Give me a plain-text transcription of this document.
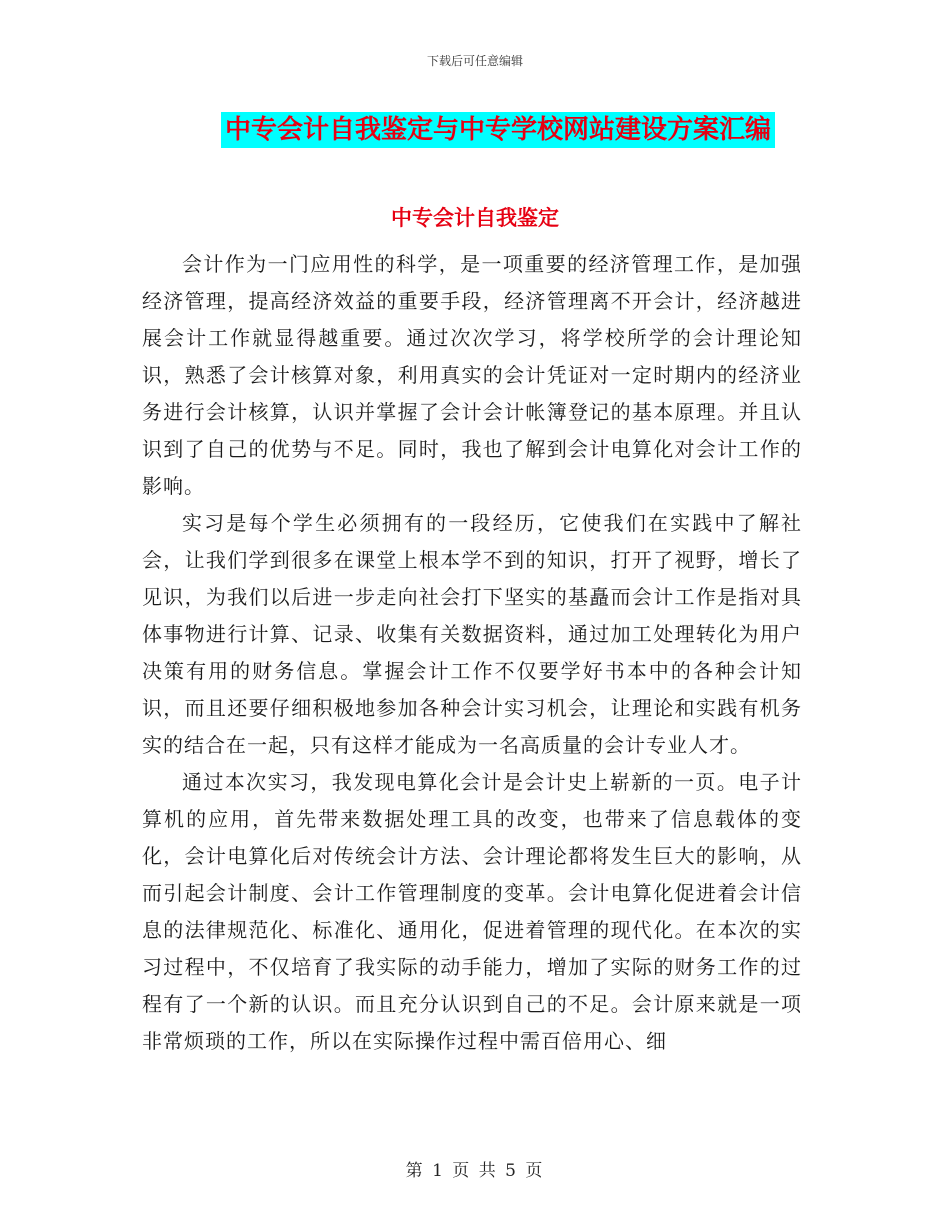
下载后可任意编辑
中专会计自我鉴定与中专学校网站建设方案汇编
中专会计自我鉴定

会计作为一门应用性的科学，是一项重要的经济管理工作，是加强经济管理，提高经济效益的重要手段，经济管理离不开会计，经济越进展会计工作就显得越重要。通过次次学习，将学校所学的会计理论知识，熟悉了会计核算对象，利用真实的会计凭证对一定时期内的经济业务进行会计核算，认识并掌握了会计会计帐簿登记的基本原理。并且认识到了自己的优势与不足。同时，我也了解到会计电算化对会计工作的影响。

实习是每个学生必须拥有的一段经历，它使我们在实践中了解社会，让我们学到很多在课堂上根本学不到的知识，打开了视野，增长了见识，为我们以后进一步走向社会打下坚实的基矗而会计工作是指对具体事物进行计算、记录、收集有关数据资料，通过加工处理转化为用户决策有用的财务信息。掌握会计工作不仅要学好书本中的各种会计知识，而且还要仔细积极地参加各种会计实习机会，让理论和实践有机务实的结合在一起，只有这样才能成为一名高质量的会计专业人才。

通过本次实习，我发现电算化会计是会计史上崭新的一页。电子计算机的应用，首先带来数据处理工具的改变，也带来了信息载体的变化，会计电算化后对传统会计方法、会计理论都将发生巨大的影响，从而引起会计制度、会计工作管理制度的变革。会计电算化促进着会计信息的法律规范化、标准化、通用化，促进着管理的现代化。在本次的实习过程中，不仅培育了我实际的动手能力，增加了实际的财务工作的过程有了一个新的认识。而且充分认识到自己的不足。会计原来就是一项非常烦琐的工作，所以在实际操作过程中需百倍用心、细

第 1 页 共 5 页
